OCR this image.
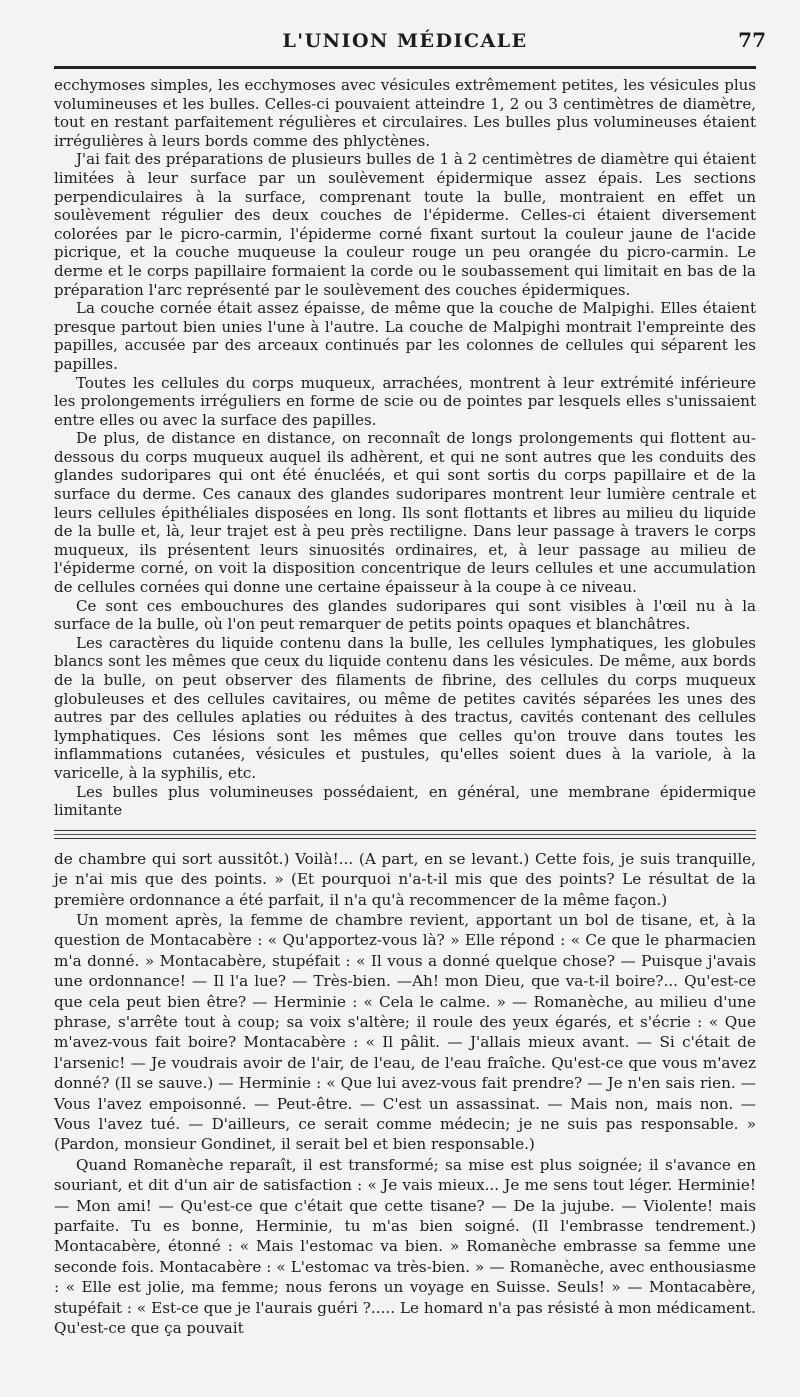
L'UNION MÉDICALE	77

ecchymoses simples, les ecchymoses avec vésicules extrêmement petites, les vésicules plus volumineuses et les bulles. Celles-ci pouvaient atteindre 1, 2 ou 3 centimètres de diamètre, tout en restant parfaitement régulières et circulaires. Les bulles plus volumineuses étaient irrégulières à leurs bords comme des phlyctènes.

J'ai fait des préparations de plusieurs bulles de 1 à 2 centimètres de diamètre qui étaient limitées à leur surface par un soulèvement épidermique assez épais. Les sections perpendiculaires à la surface, comprenant toute la bulle, montraient en effet un soulèvement régulier des deux couches de l'épiderme. Celles-ci étaient diversement colorées par le picro-carmin, l'épiderme corné fixant surtout la couleur jaune de l'acide picrique, et la couche muqueuse la couleur rouge un peu orangée du picro-carmin. Le derme et le corps papillaire formaient la corde ou le soubassement qui limitait en bas de la préparation l'arc représenté par le soulèvement des couches épidermiques.

La couche cornée était assez épaisse, de même que la couche de Malpighi. Elles étaient presque partout bien unies l'une à l'autre. La couche de Malpighi montrait l'empreinte des papilles, accusée par des arceaux continués par les colonnes de cellules qui séparent les papilles.

Toutes les cellules du corps muqueux, arrachées, montrent à leur extrémité inférieure les prolongements irréguliers en forme de scie ou de pointes par lesquels elles s'unissaient entre elles ou avec la surface des papilles.

De plus, de distance en distance, on reconnaît de longs prolongements qui flottent au-dessous du corps muqueux auquel ils adhèrent, et qui ne sont autres que les conduits des glandes sudoripares qui ont été énucléés, et qui sont sortis du corps papillaire et de la surface du derme. Ces canaux des glandes sudoripares montrent leur lumière centrale et leurs cellules épithéliales disposées en long. Ils sont flottants et libres au milieu du liquide de la bulle et, là, leur trajet est à peu près rectiligne. Dans leur passage à travers le corps muqueux, ils présentent leurs sinuosités ordinaires, et, à leur passage au milieu de l'épiderme corné, on voit la disposition concentrique de leurs cellules et une accumulation de cellules cornées qui donne une certaine épaisseur à la coupe à ce niveau.

Ce sont ces embouchures des glandes sudoripares qui sont visibles à l'œil nu à la surface de la bulle, où l'on peut remarquer de petits points opaques et blanchâtres.

Les caractères du liquide contenu dans la bulle, les cellules lymphatiques, les globules blancs sont les mêmes que ceux du liquide contenu dans les vésicules. De même, aux bords de la bulle, on peut observer des filaments de fibrine, des cellules du corps muqueux globuleuses et des cellules cavitaires, ou même de petites cavités séparées les unes des autres par des cellules aplaties ou réduites à des tractus, cavités contenant des cellules lymphatiques. Ces lésions sont les mêmes que celles qu'on trouve dans toutes les inflammations cutanées, vésicules et pustules, qu'elles soient dues à la variole, à la varicelle, à la syphilis, etc.

Les bulles plus volumineuses possédaient, en général, une membrane épidermique limitante

de chambre qui sort aussitôt.) Voilà!... (A part, en se levant.) Cette fois, je suis tranquille, je n'ai mis que des points. » (Et pourquoi n'a-t-il mis que des points? Le résultat de la première ordonnance a été parfait, il n'a qu'à recommencer de la même façon.)

Un moment après, la femme de chambre revient, apportant un bol de tisane, et, à la question de Montacabère : « Qu'apportez-vous là? » Elle répond : « Ce que le pharmacien m'a donné. » Montacabère, stupéfait : « Il vous a donné quelque chose? — Puisque j'avais une ordonnance! — Il l'a lue? — Très-bien. —Ah! mon Dieu, que va-t-il boire?... Qu'est-ce que cela peut bien être? — Herminie : « Cela le calme. » — Romanèche, au milieu d'une phrase, s'arrête tout à coup; sa voix s'altère; il roule des yeux égarés, et s'écrie : « Que m'avez-vous fait boire? Montacabère : « Il pâlit. — J'allais mieux avant. — Si c'était de l'arsenic! — Je voudrais avoir de l'air, de l'eau, de l'eau fraîche. Qu'est-ce que vous m'avez donné? (Il se sauve.) — Herminie : « Que lui avez-vous fait prendre? — Je n'en sais rien. — Vous l'avez empoisonné. — Peut-être. — C'est un assassinat. — Mais non, mais non. — Vous l'avez tué. — D'ailleurs, ce serait comme médecin; je ne suis pas responsable. » (Pardon, monsieur Gondinet, il serait bel et bien responsable.)

Quand Romanèche reparaît, il est transformé; sa mise est plus soignée; il s'avance en souriant, et dit d'un air de satisfaction : « Je vais mieux... Je me sens tout léger. Herminie! — Mon ami! — Qu'est-ce que c'était que cette tisane? — De la jujube. — Violente! mais parfaite. Tu es bonne, Herminie, tu m'as bien soigné. (Il l'embrasse tendrement.) Montacabère, étonné : « Mais l'estomac va bien. » Romanèche embrasse sa femme une seconde fois. Montacabère : « L'estomac va très-bien. » — Romanèche, avec enthousiasme : « Elle est jolie, ma femme; nous ferons un voyage en Suisse. Seuls! » — Montacabère, stupéfait : « Est-ce que je l'aurais guéri ?..... Le homard n'a pas résisté à mon médicament. Qu'est-ce que ça pouvait
